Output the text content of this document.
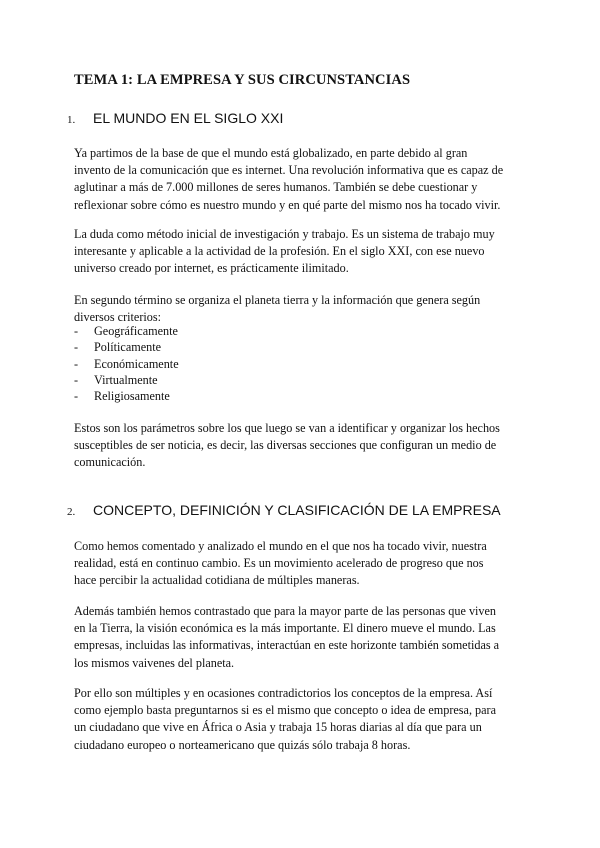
TEMA 1: LA EMPRESA Y SUS CIRCUNSTANCIAS
1. EL MUNDO EN EL SIGLO XXI

Ya partimos de la base de que el mundo está globalizado, en parte debido al gran
invento de la comunicación que es internet. Una revolución informativa que es capaz de
aglutinar a más de 7.000 millones de seres humanos. También se debe cuestionar y
reflexionar sobre cómo es nuestro mundo y en qué parte del mismo nos ha tocado vivir.

La duda como método inicial de investigación y trabajo. Es un sistema de trabajo muy
interesante y aplicable a la actividad de la profesión. En el siglo XXI, con ese nuevo
universo creado por internet, es prácticamente ilimitado.

En segundo término se organiza el planeta tierra y la información que genera según
diversos criterios:

- Geográficamente
- Políticamente
- Económicamente
- Virtualmente
- Religiosamente

Estos son los parámetros sobre los que luego se van a identificar y organizar los hechos
susceptibles de ser noticia, es decir, las diversas secciones que configuran un medio de
comunicación.

2. CONCEPTO, DEFINICIÓN Y CLASIFICACIÓN DE LA EMPRESA

Como hemos comentado y analizado el mundo en el que nos ha tocado vivir, nuestra
realidad, está en continuo cambio. Es un movimiento acelerado de progreso que nos
hace percibir la actualidad cotidiana de múltiples maneras.

Además también hemos contrastado que para la mayor parte de las personas que viven
en la Tierra, la visión económica es la más importante. El dinero mueve el mundo. Las
empresas, incluidas las informativas, interactúan en este horizonte también sometidas a
los mismos vaivenes del planeta.

Por ello son múltiples y en ocasiones contradictorios los conceptos de la empresa. Así
como ejemplo basta preguntarnos si es el mismo que concepto o idea de empresa, para
un ciudadano que vive en África o Asia y trabaja 15 horas diarias al día que para un
ciudadano europeo o norteamericano que quizás sólo trabaja 8 horas.
